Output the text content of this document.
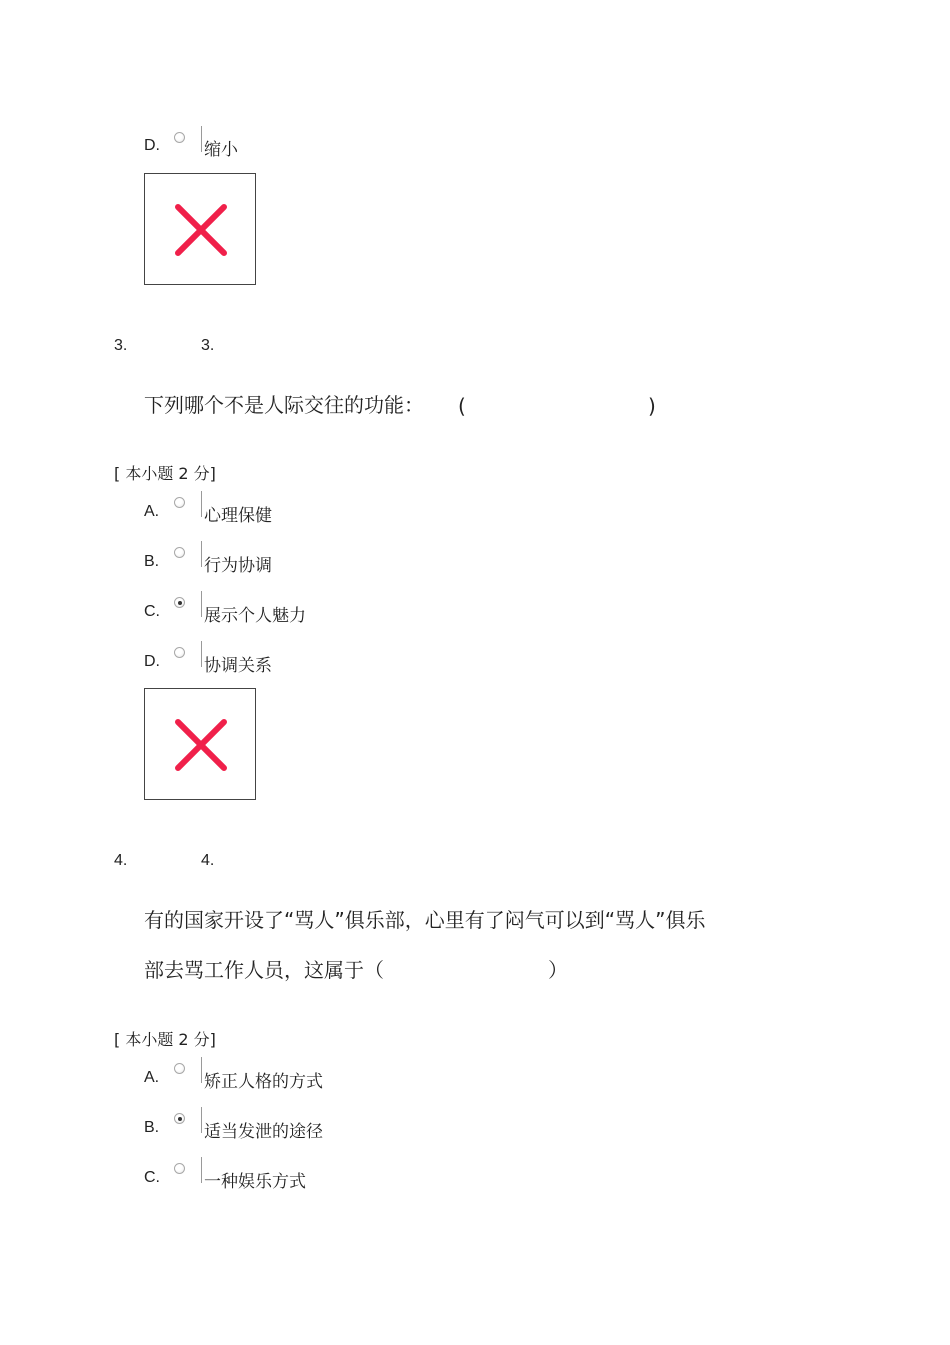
D.	缩小
3.	3.
下列哪个不是人际交往的功能： (	)
[ 本小题 2 分]
A.	心理保健
B.	行为协调
C.	展示个人魅力
D.	协调关系
4.	4.
有的国家开设了“骂人”俱乐部，心里有了闷气可以到“骂人”俱乐
部去骂工作人员，这属于（	）
[ 本小题 2 分]
A.	矫正人格的方式
B.	适当发泄的途径
C.	一种娱乐方式
